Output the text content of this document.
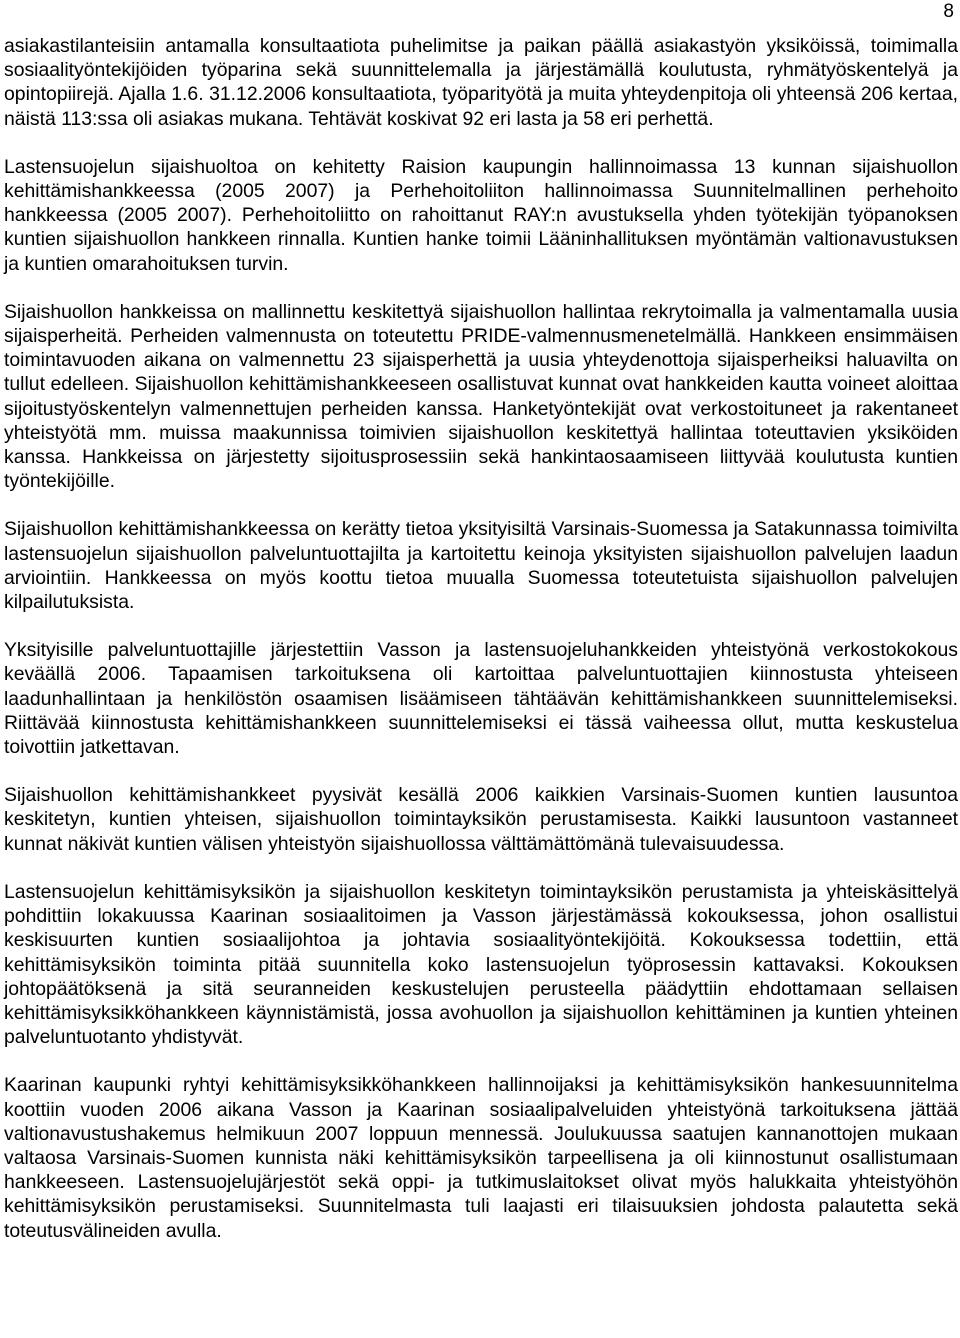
8

asiakastilanteisiin antamalla konsultaatiota puhelimitse ja paikan päällä asiakastyön yksiköissä, toimimalla sosiaalityöntekijöiden työparina sekä suunnittelemalla ja järjestämällä koulutusta, ryhmätyöskentelyä ja opintopiirejä. Ajalla 1.6. 31.12.2006 konsultaatiota, työparityötä ja muita yhteydenpitoja oli yhteensä 206 kertaa, näistä 113:ssa oli asiakas mukana. Tehtävät koskivat 92 eri lasta ja 58 eri perhettä.

Lastensuojelun sijaishuoltoa on kehitetty Raision kaupungin hallinnoimassa 13 kunnan sijaishuollon kehittämishankkeessa (2005 2007) ja Perhehoitoliiton hallinnoimassa Suunnitelmallinen perhehoito hankkeessa (2005 2007). Perhehoitoliitto on rahoittanut RAY:n avustuksella yhden työtekijän työpanoksen kuntien sijaishuollon hankkeen rinnalla. Kuntien hanke toimii Lääninhallituksen myöntämän valtionavustuksen ja kuntien omarahoituksen turvin.

Sijaishuollon hankkeissa on mallinnettu keskitettyä sijaishuollon hallintaa rekrytoimalla ja valmentamalla uusia sijaisperheitä. Perheiden valmennusta on toteutettu PRIDE-valmennusmenetelmällä. Hankkeen ensimmäisen toimintavuoden aikana on valmennettu 23 sijaisperhettä ja uusia yhteydenottoja sijaisperheiksi haluavilta on tullut edelleen. Sijaishuollon kehittämishankkeeseen osallistuvat kunnat ovat hankkeiden kautta voineet aloittaa sijoitustyöskentelyn valmennettujen perheiden kanssa. Hanketyöntekijät ovat verkostoituneet ja rakentaneet yhteistyötä mm. muissa maakunnissa toimivien sijaishuollon keskitettyä hallintaa toteuttavien yksiköiden kanssa. Hankkeissa on järjestetty sijoitusprosessiin sekä hankintaosaamiseen liittyvää koulutusta kuntien työntekijöille.

Sijaishuollon kehittämishankkeessa on kerätty tietoa yksityisiltä Varsinais-Suomessa ja Satakunnassa toimivilta lastensuojelun sijaishuollon palveluntuottajilta ja kartoitettu keinoja yksityisten sijaishuollon palvelujen laadun arviointiin. Hankkeessa on myös koottu tietoa muualla Suomessa toteutetuista sijaishuollon palvelujen kilpailutuksista.

Yksityisille palveluntuottajille järjestettiin Vasson ja lastensuojeluhankkeiden yhteistyönä verkostokokous keväällä 2006. Tapaamisen tarkoituksena oli kartoittaa palveluntuottajien kiinnostusta yhteiseen laadunhallintaan ja henkilöstön osaamisen lisäämiseen tähtäävän kehittämishankkeen suunnittelemiseksi. Riittävää kiinnostusta kehittämishankkeen suunnittelemiseksi ei tässä vaiheessa ollut, mutta keskustelua toivottiin jatkettavan.

Sijaishuollon kehittämishankkeet pyysivät kesällä 2006 kaikkien Varsinais-Suomen kuntien lausuntoa keskitetyn, kuntien yhteisen, sijaishuollon toimintayksikön perustamisesta. Kaikki lausuntoon vastanneet kunnat näkivät kuntien välisen yhteistyön sijaishuollossa välttämättömänä tulevaisuudessa.

Lastensuojelun kehittämisyksikön ja sijaishuollon keskitetyn toimintayksikön perustamista ja yhteiskäsittelyä pohdittiin lokakuussa Kaarinan sosiaalitoimen ja Vasson järjestämässä kokouksessa, johon osallistui keskisuurten kuntien sosiaalijohtoa ja johtavia sosiaalityöntekijöitä. Kokouksessa todettiin, että kehittämisyksikön toiminta pitää suunnitella koko lastensuojelun työprosessin kattavaksi. Kokouksen johtopäätöksenä ja sitä seuranneiden keskustelujen perusteella päädyttiin ehdottamaan sellaisen kehittämisyksikköhankkeen käynnistämistä, jossa avohuollon ja sijaishuollon kehittäminen ja kuntien yhteinen palveluntuotanto yhdistyvät.

Kaarinan kaupunki ryhtyi kehittämisyksikköhankkeen hallinnoijaksi ja kehittämisyksikön hankesuunnitelma koottiin vuoden 2006 aikana Vasson ja Kaarinan sosiaalipalveluiden yhteistyönä tarkoituksena jättää valtionavustushakemus helmikuun 2007 loppuun mennessä. Joulukuussa saatujen kannanottojen mukaan valtaosa Varsinais-Suomen kunnista näki kehittämisyksikön tarpeellisena ja oli kiinnostunut osallistumaan hankkeeseen. Lastensuojelujärjestöt sekä oppi- ja tutkimuslaitokset olivat myös halukkaita yhteistyöhön kehittämisyksikön perustamiseksi. Suunnitelmasta tuli laajasti eri tilaisuuksien johdosta palautetta sekä toteutusvälineiden avulla.
